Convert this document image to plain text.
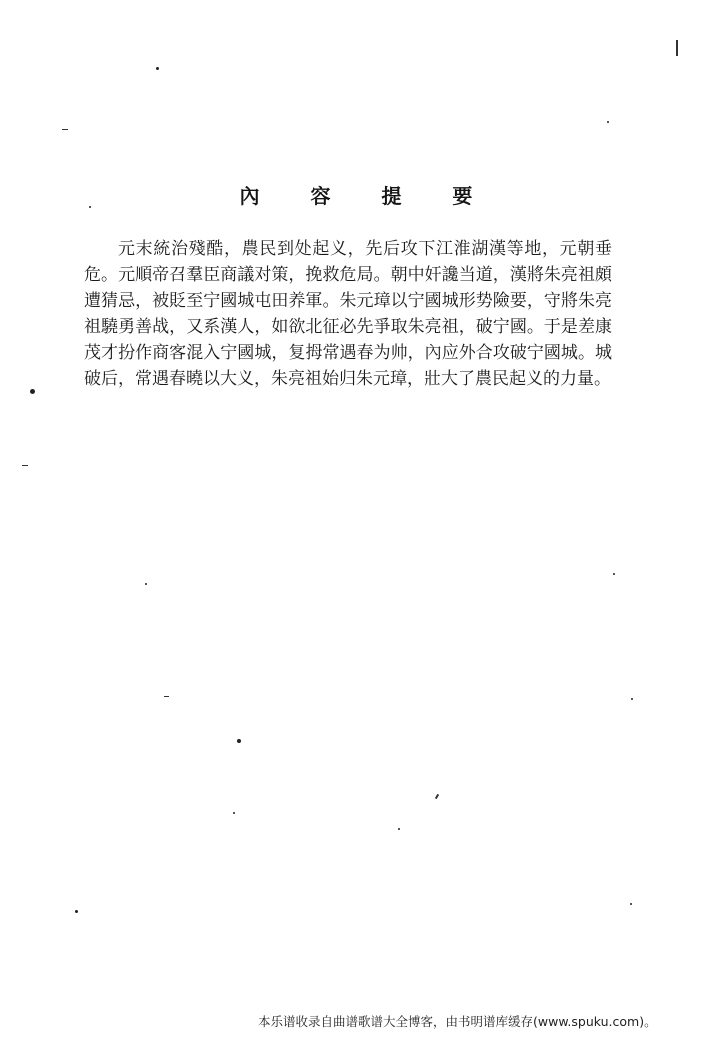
內 容 提 要

元末統治殘酷，農民到处起义，先后攻下江淮湖漢等地，元朝垂危。元順帝召羣臣商議对策，挽救危局。朝中奸讒当道，漢將朱亮祖頗遭猜忌，被貶至宁國城屯田养軍。朱元璋以宁國城形势險要，守將朱亮祖驍勇善战，又系漢人，如欲北征必先爭取朱亮祖，破宁國。于是差康茂才扮作商客混入宁國城，复拇常遇春为帅，內应外合攻破宁國城。城破后，常遇春曉以大义，朱亮祖始归朱元璋，壯大了農民起义的力量。

本乐谱收录自曲谱歌谱大全博客，由书明谱库缓存(www.spuku.com)。
